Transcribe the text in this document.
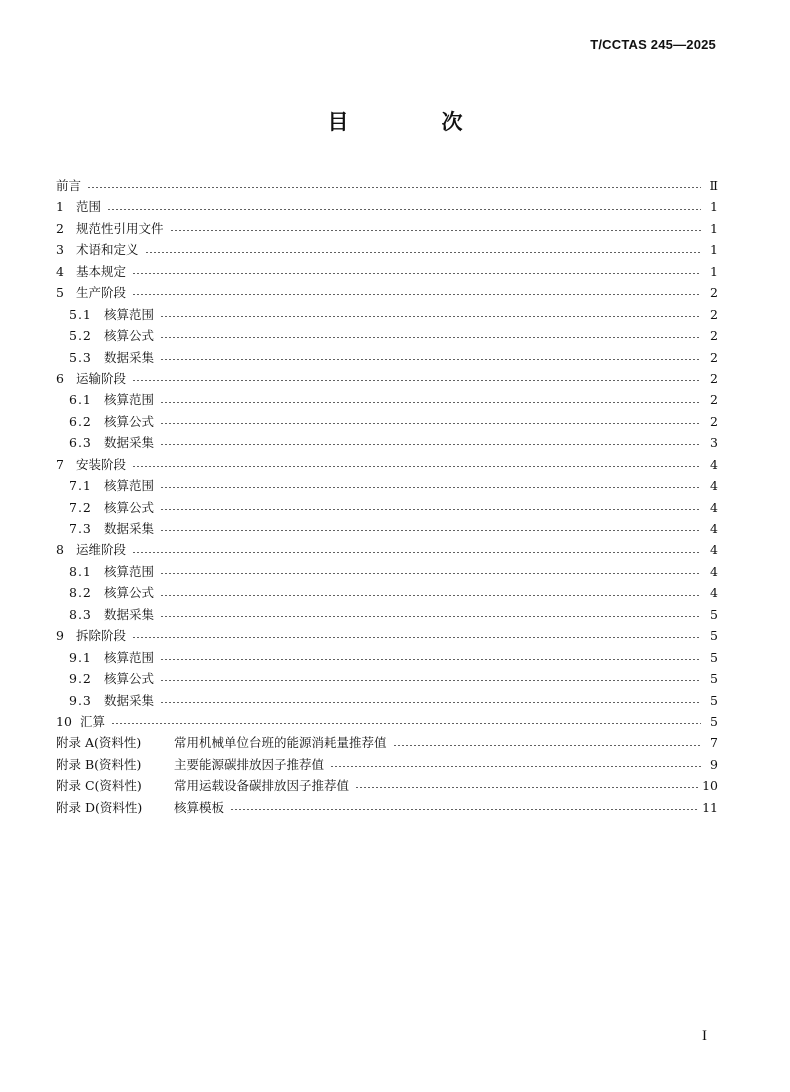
T/CCTAS 245—2025
目　次
前言	Ⅱ
1 范围	1
2 规范性引用文件	1
3 术语和定义	1
4 基本规定	1
5 生产阶段	2
5.1 核算范围	2
5.2 核算公式	2
5.3 数据采集	2
6 运输阶段	2
6.1 核算范围	2
6.2 核算公式	2
6.3 数据采集	3
7 安装阶段	4
7.1 核算范围	4
7.2 核算公式	4
7.3 数据采集	4
8 运维阶段	4
8.1 核算范围	4
8.2 核算公式	4
8.3 数据采集	5
9 拆除阶段	5
9.1 核算范围	5
9.2 核算公式	5
9.3 数据采集	5
10 汇算	5
附录 A(资料性)	常用机械单位台班的能源消耗量推荐值	7
附录 B(资料性)	主要能源碳排放因子推荐值	9
附录 C(资料性)	常用运载设备碳排放因子推荐值	10
附录 D(资料性)	核算模板	11
I
